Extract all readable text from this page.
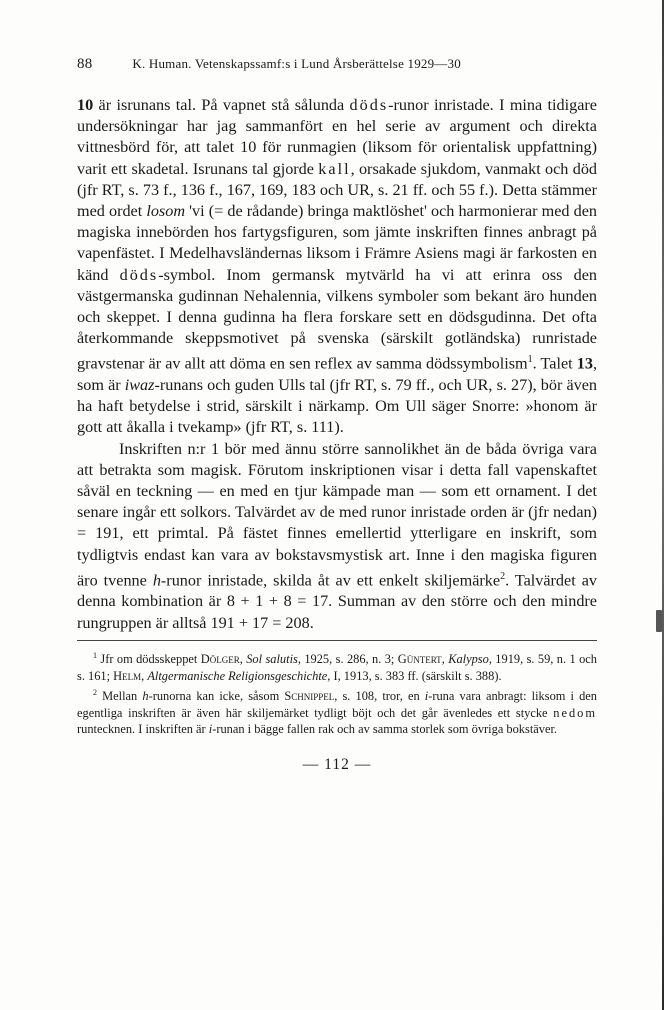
88	K. Human. Vetenskapssamf:s i Lund Årsberättelse 1929—30

10 är isrunans tal. På vapnet stå sålunda döds-runor inristade. I mina tidigare undersökningar har jag sammanfört en hel serie av argument och direkta vittnesbörd för, att talet 10 för runmagien (liksom för orientalisk uppfattning) varit ett skadetal. Isrunans tal gjorde kall, orsakade sjukdom, vanmakt och död (jfr RT, s. 73 f., 136 f., 167, 169, 183 och UR, s. 21 ff. och 55 f.). Detta stämmer med ordet losom 'vi (= de rådande) bringa maktlöshet' och harmonierar med den magiska innebörden hos fartygsfiguren, som jämte inskriften finnes anbragt på vapenfästet. I Medelhavsländernas liksom i Främre Asiens magi är farkosten en känd döds-symbol. Inom germansk mytvärld ha vi att erinra oss den västgermanska gudinnan Nehalennia, vilkens symboler som bekant äro hunden och skeppet. I denna gudinna ha flera forskare sett en dödsgudinna. Det ofta återkommande skeppsmotivet på svenska (särskilt gotländska) runristade gravstenar är av allt att döma en sen reflex av samma dödssymbolism$^1$. Talet 13, som är iwaz-runans och guden Ulls tal (jfr RT, s. 79 ff., och UR, s. 27), bör även ha haft betydelse i strid, särskilt i närkamp. Om Ull säger Snorre: »honom är gott att åkalla i tvekamp» (jfr RT, s. 111).

Inskriften n:r 1 bör med ännu större sannolikhet än de båda övriga vara att betrakta som magisk. Förutom inskriptionen visar i detta fall vapenskaftet såväl en teckning — en med en tjur kämpade man — som ett ornament. I det senare ingår ett solkors. Talvärdet av de med runor inristade orden är (jfr nedan) = 191, ett primtal. På fästet finnes emellertid ytterligare en inskrift, som tydligtvis endast kan vara av bokstavsmystisk art. Inne i den magiska figuren äro tvenne h-runor inristade, skilda åt av ett enkelt skiljemärke$^2$. Talvärdet av denna kombination är 8 + 1 + 8 = 17. Summan av den större och den mindre rungruppen är alltså 191 + 17 = 208.

$^1$ Jfr om dödsskeppet Dölger, Sol salutis, 1925, s. 286, n. 3; Güntert, Kalypso, 1919, s. 59, n. 1 och s. 161; Helm, Altgermanische Religionsgeschichte, I, 1913, s. 383 ff. (särskilt s. 388).

$^2$ Mellan h-runorna kan icke, såsom Schnippel, s. 108, tror, en i-runa vara anbragt: liksom i den egentliga inskriften är även här skiljemärket tydligt böjt och det går ävenledes ett stycke nedom runtecknen. I inskriften är i-runan i bägge fallen rak och av samma storlek som övriga bokstäver.

— 112 —
